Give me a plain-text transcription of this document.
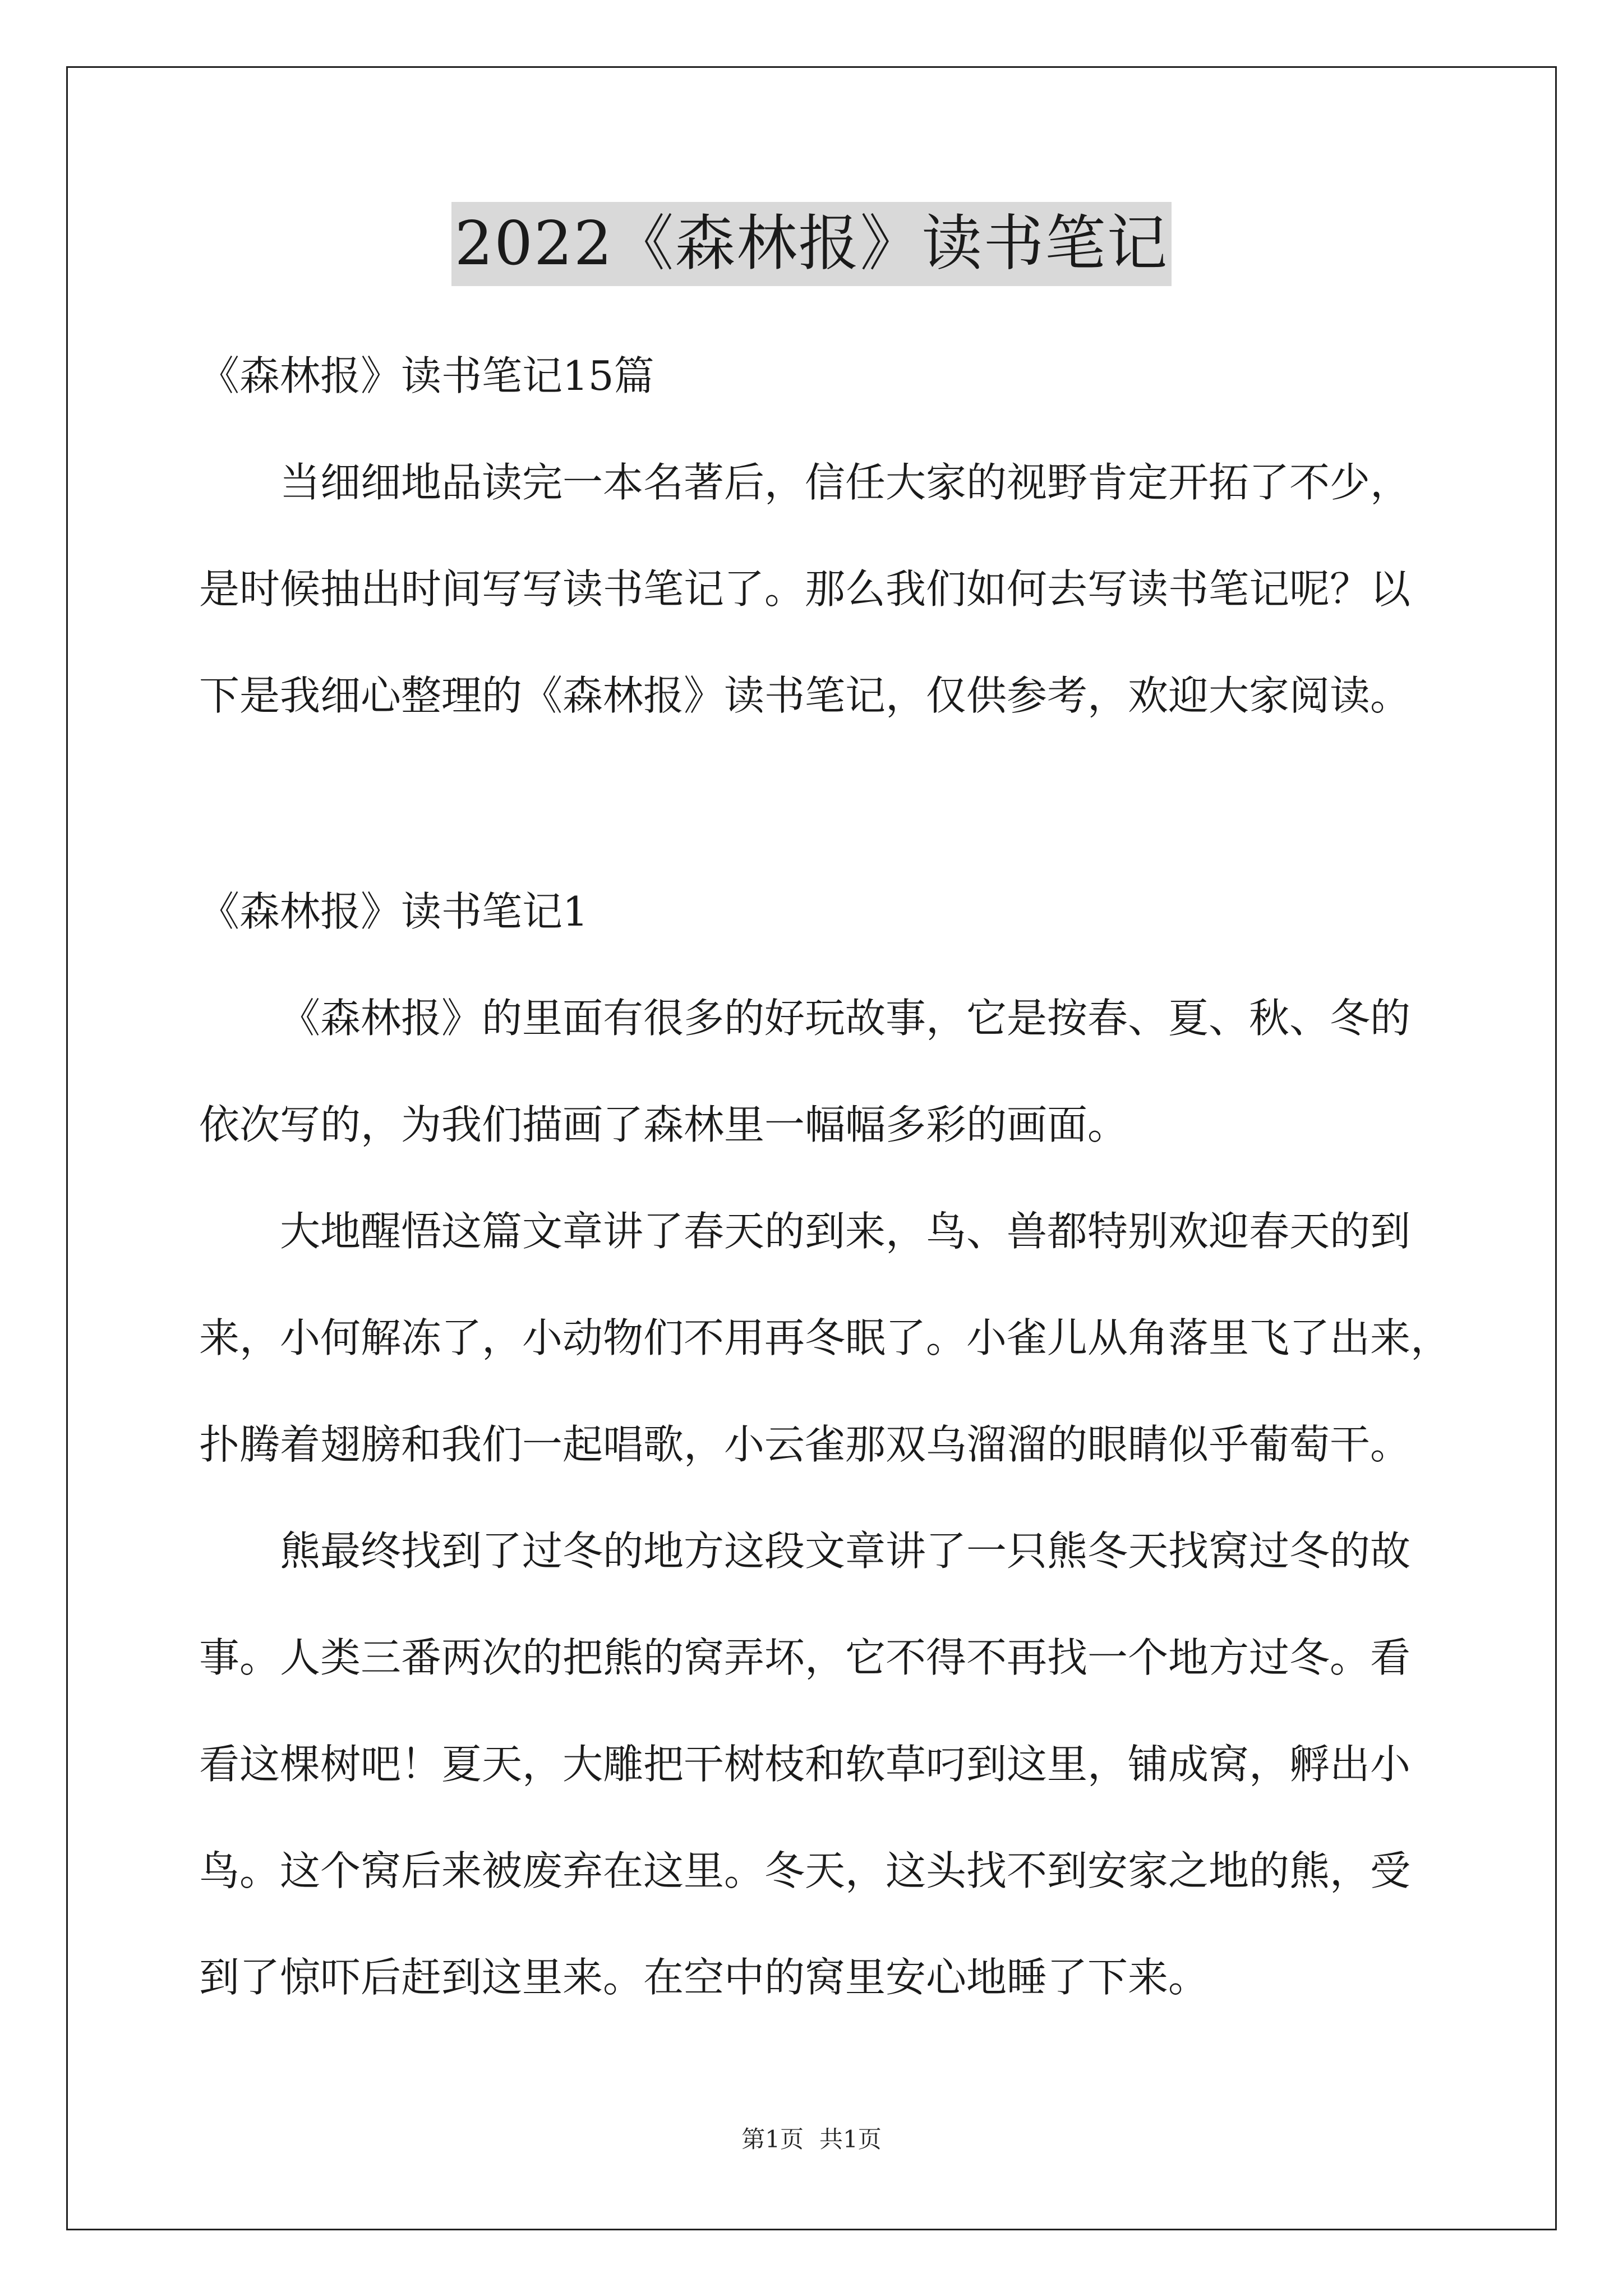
2022《森林报》读书笔记
《森林报》读书笔记15篇
当细细地品读完一本名著后，信任大家的视野肯定开拓了不少，
是时候抽出时间写写读书笔记了。那么我们如何去写读书笔记呢？以
下是我细心整理的《森林报》读书笔记，仅供参考，欢迎大家阅读。
《森林报》读书笔记1
《森林报》的里面有很多的好玩故事，它是按春、夏、秋、冬的
依次写的，为我们描画了森林里一幅幅多彩的画面。
大地醒悟这篇文章讲了春天的到来，鸟、兽都特别欢迎春天的到
来，小何解冻了，小动物们不用再冬眠了。小雀儿从角落里飞了出来，
扑腾着翅膀和我们一起唱歌，小云雀那双乌溜溜的眼睛似乎葡萄干。
熊最终找到了过冬的地方这段文章讲了一只熊冬天找窝过冬的故
事。人类三番两次的把熊的窝弄坏，它不得不再找一个地方过冬。看
看这棵树吧！夏天，大雕把干树枝和软草叼到这里，铺成窝，孵出小
鸟。这个窝后来被废弃在这里。冬天，这头找不到安家之地的熊，受
到了惊吓后赶到这里来。在空中的窝里安心地睡了下来。
第1页 共1页
